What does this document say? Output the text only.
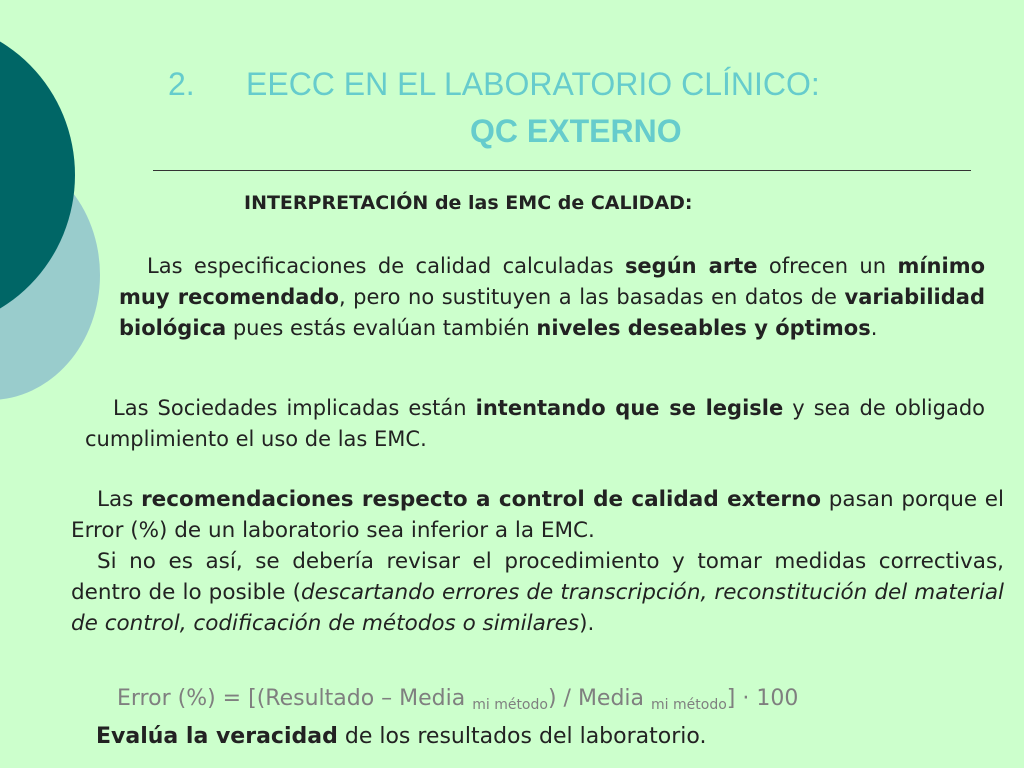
2. EECC EN EL LABORATORIO CLÍNICO:
QC EXTERNO
INTERPRETACIÓN de las EMC de CALIDAD:

Las especificaciones de calidad calculadas según arte ofrecen un mínimo muy recomendado, pero no sustituyen a las basadas en datos de variabilidad biológica pues estás evalúan también niveles deseables y óptimos.

Las Sociedades implicadas están intentando que se legisle y sea de obligado cumplimiento el uso de las EMC.

Las recomendaciones respecto a control de calidad externo pasan porque el Error (%) de un laboratorio sea inferior a la EMC.
Si no es así, se debería revisar el procedimiento y tomar medidas correctivas, dentro de lo posible (descartando errores de transcripción, reconstitución del material de control, codificación de métodos o similares).

Error (%) = [(Resultado – Media $_{mi método}$) / Media $_{mi método}$] · 100
Evalúa la veracidad de los resultados del laboratorio.
